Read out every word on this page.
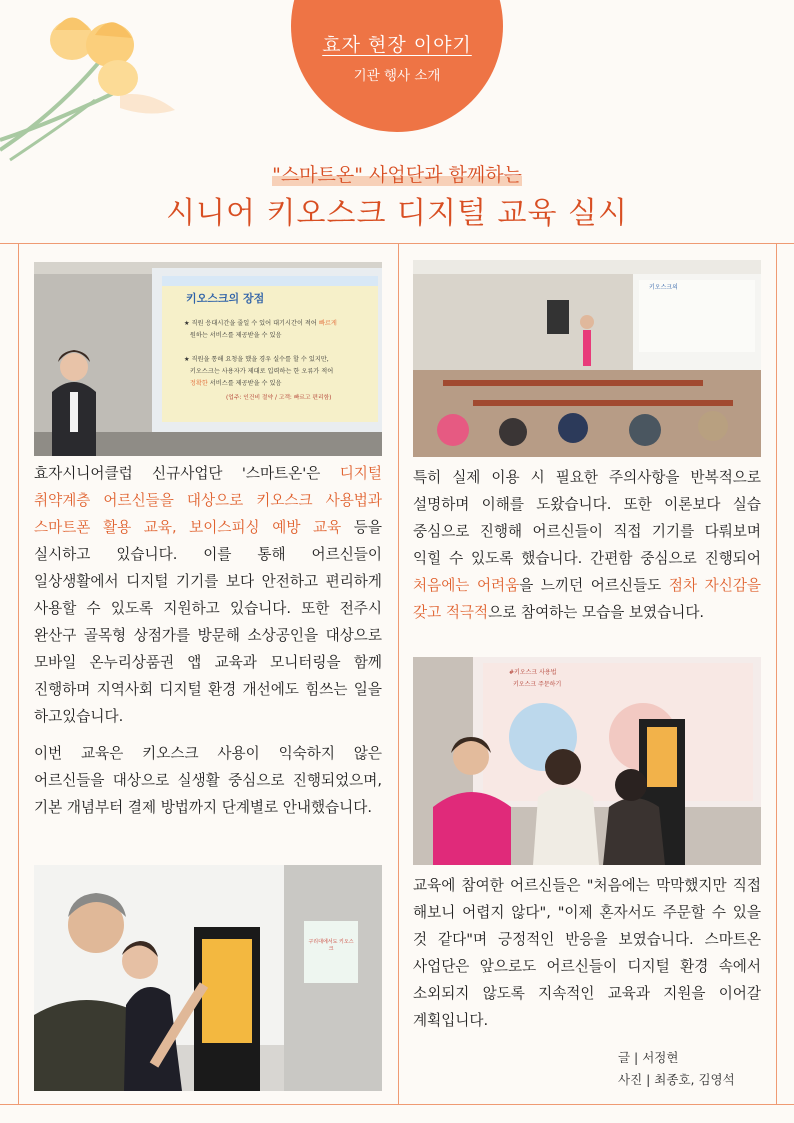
효자 현장 이야기
기관 행사 소개
"스마트온" 사업단과 함께하는
시니어 키오스크 디지털 교육 실시
키오스크의 장점
★ 직원 응대시간을 줄일 수 있어 대기시간이 적어 빠르게
원하는 서비스를 제공받을 수 있음
★ 직원을 통해 요청을 했을 경우 실수를 할 수 있지만,
키오스크는 사용자가 제대로 입력하는 한 오류가 적어
정확한 서비스를 제공받을 수 있음
(업주: 인건비 절약 / 고객: 빠르고 편리함)
키오스크의
효자시니어클럽 신규사업단 '스마트온'은 디지털 취약계층 어르신들을 대상으로 키오스크 사용법과 스마트폰 활용 교육, 보이스피싱 예방 교육 등을 실시하고 있습니다. 이를 통해 어르신들이 일상생활에서 디지털 기기를 보다 안전하고 편리하게 사용할 수 있도록 지원하고 있습니다. 또한 전주시 완산구 골목형 상점가를 방문해 소상공인을 대상으로 모바일 온누리상품권 앱 교육과 모니터링을 함께 진행하며 지역사회 디지털 환경 개선에도 힘쓰는 일을 하고있습니다.
이번 교육은 키오스크 사용이 익숙하지 않은 어르신들을 대상으로 실생활 중심으로 진행되었으며, 기본 개념부터 결제 방법까지 단계별로 안내했습니다.
특히 실제 이용 시 필요한 주의사항을 반복적으로 설명하며 이해를 도왔습니다. 또한 이론보다 실습 중심으로 진행해 어르신들이 직접 기기를 다뤄보며 익힐 수 있도록 했습니다. 간편함 중심으로 진행되어 처음에는 어려움을 느끼던 어르신들도 점차 자신감을 갖고 적극적으로 참여하는 모습을 보였습니다.
#키오스크 사용법
키오스크 주문하기
교육에 참여한 어르신들은 "처음에는 막막했지만 직접 해보니 어렵지 않다", "이제 혼자서도 주문할 수 있을 것 같다"며 긍정적인 반응을 보였습니다. 스마트온 사업단은 앞으로도 어르신들이 디지털 환경 속에서 소외되지 않도록 지속적인 교육과 지원을 이어갈 계획입니다.
구리대에서도 키오스크
글 | 서정현
사진 | 최종호, 김영석
